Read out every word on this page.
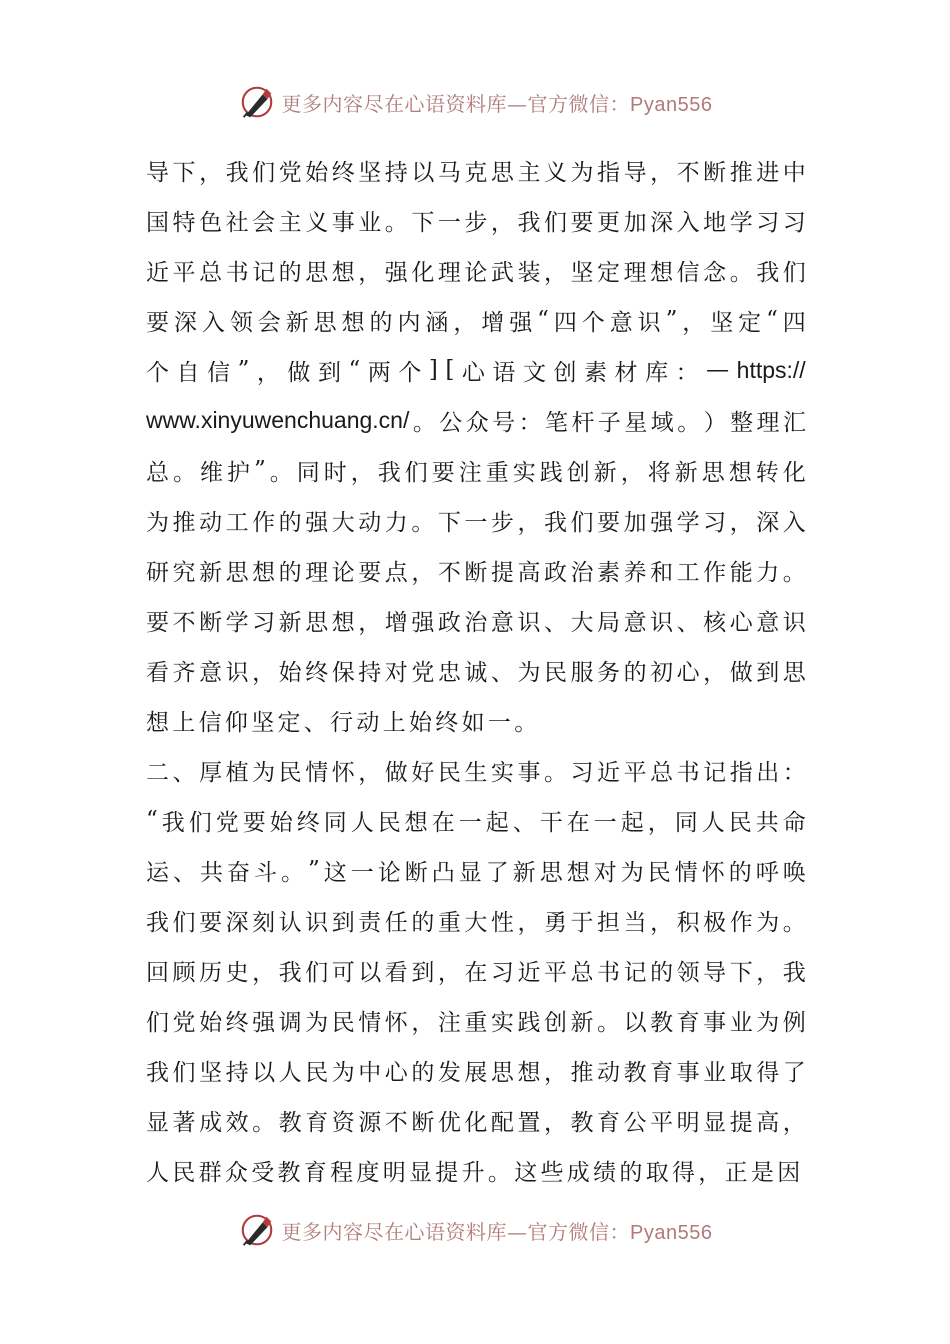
更多内容尽在心语资料库—官方微信：Pyan556
导 下 ， 我 们 党 始 终 坚 持 以 马 克 思 主 义 为 指 导 ， 不 断 推 进 中
国 特 色 社 会 主 义 事 业 。 下 一 步 ， 我 们 要 更 加 深 入 地 学 习 习
近 平 总 书 记 的 思 想 ， 强 化 理 论 武 装 ， 坚 定 理 想 信 念 。 我 们
要 深 入 领 会 新 思 想 的 内 涵 ， 增 强 “ 四 个 意 识 ” ， 坚 定 “ 四
个 自 信 ” ， 做 到 “ 两 个 ] [ 心 语 文 创 素 材 库 ： — https://
www.xinyuwenchuang.cn/ 。 公 众 号 ： 笔 杆 子 星 域 。 ） 整 理 汇
总 。 维 护 ” 。 同 时 ， 我 们 要 注 重 实 践 创 新 ， 将 新 思 想 转 化
为 推 动 工 作 的 强 大 动 力 。 下 一 步 ， 我 们 要 加 强 学 习 ， 深 入
研 究 新 思 想 的 理 论 要 点 ， 不 断 提 高 政 治 素 养 和 工 作 能 力 。
要 不 断 学 习 新 思 想 ， 增 强 政 治 意 识 、 大 局 意 识 、 核 心 意 识
看 齐 意 识 ， 始 终 保 持 对 党 忠 诚 、 为 民 服 务 的 初 心 ， 做 到 思
想上信仰坚定、行动上始终如一。
二 、 厚 植 为 民 情 怀 ， 做 好 民 生 实 事 。 习 近 平 总 书 记 指 出 ：
“ 我 们 党 要 始 终 同 人 民 想 在 一 起 、 干 在 一 起 ， 同 人 民 共 命
运 、 共 奋 斗 。 ” 这 一 论 断 凸 显 了 新 思 想 对 为 民 情 怀 的 呼 唤
我 们 要 深 刻 认 识 到 责 任 的 重 大 性 ， 勇 于 担 当 ， 积 极 作 为 。
回 顾 历 史 ， 我 们 可 以 看 到 ， 在 习 近 平 总 书 记 的 领 导 下 ， 我
们 党 始 终 强 调 为 民 情 怀 ， 注 重 实 践 创 新 。 以 教 育 事 业 为 例
我 们 坚 持 以 人 民 为 中 心 的 发 展 思 想 ， 推 动 教 育 事 业 取 得 了
显 著 成 效 。 教 育 资 源 不 断 优 化 配 置 ， 教 育 公 平 明 显 提 高 ，
人民群众受教育程度明显提升。这些成绩的取得，正是因
更多内容尽在心语资料库—官方微信：Pyan556
